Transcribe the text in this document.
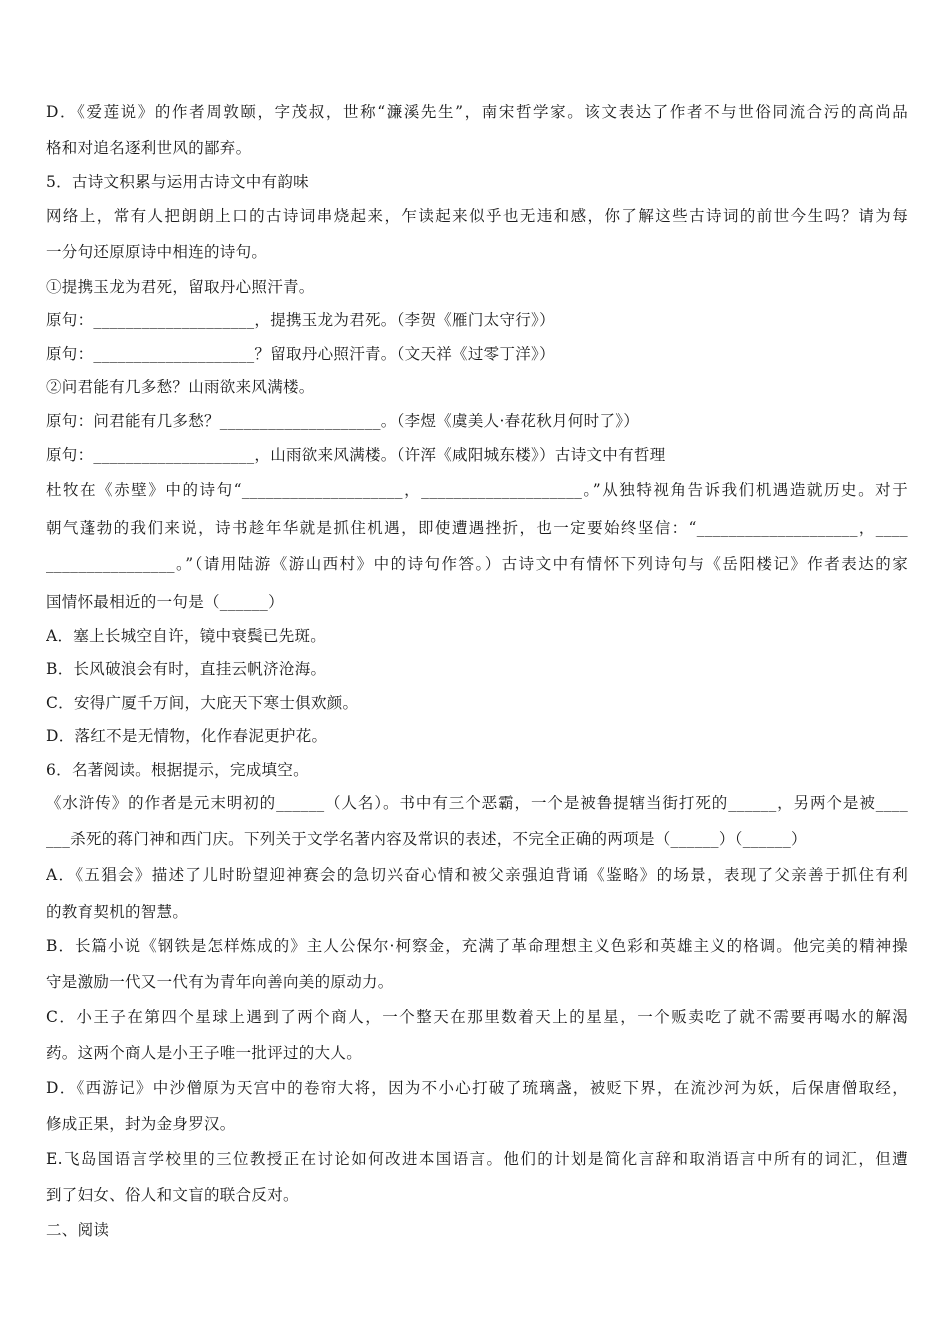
D．《爱莲说》的作者周敦颐，字茂叔，世称“濂溪先生”，南宋哲学家。该文表达了作者不与世俗同流合污的高尚品
格和对追名逐利世风的鄙弃。
5．古诗文积累与运用古诗文中有韵味
网络上，常有人把朗朗上口的古诗词串烧起来，乍读起来似乎也无违和感，你了解这些古诗词的前世今生吗？请为每
一分句还原原诗中相连的诗句。
①提携玉龙为君死，留取丹心照汗青。
原句：____________________，提携玉龙为君死。（李贺《雁门太守行》）
原句：____________________？留取丹心照汗青。（文天祥《过零丁洋》）
②问君能有几多愁？山雨欲来风满楼。
原句：问君能有几多愁？____________________。（李煜《虞美人·春花秋月何时了》）
原句：____________________，山雨欲来风满楼。（许浑《咸阳城东楼》）古诗文中有哲理
杜牧在《赤壁》中的诗句“____________________，____________________。”从独特视角告诉我们机遇造就历史。对于
朝气蓬勃的我们来说，诗书趁年华就是抓住机遇，即使遭遇挫折，也一定要始终坚信：“____________________，____
________________。”（请用陆游《游山西村》中的诗句作答。）古诗文中有情怀下列诗句与《岳阳楼记》作者表达的家
国情怀最相近的一句是（______）
A．塞上长城空自许，镜中衰鬓已先斑。
B．长风破浪会有时，直挂云帆济沧海。
C．安得广厦千万间，大庇天下寒士俱欢颜。
D．落红不是无情物，化作春泥更护花。
6．名著阅读。根据提示，完成填空。
《水浒传》的作者是元末明初的______（人名）。书中有三个恶霸，一个是被鲁提辖当街打死的______，另两个是被____
___杀死的蒋门神和西门庆。下列关于文学名著内容及常识的表述，不完全正确的两项是（______）（______）
A．《五猖会》描述了儿时盼望迎神赛会的急切兴奋心情和被父亲强迫背诵《鉴略》的场景，表现了父亲善于抓住有利
的教育契机的智慧。
B．长篇小说《钢铁是怎样炼成的》主人公保尔·柯察金，充满了革命理想主义色彩和英雄主义的格调。他完美的精神操
守是激励一代又一代有为青年向善向美的原动力。
C．小王子在第四个星球上遇到了两个商人，一个整天在那里数着天上的星星，一个贩卖吃了就不需要再喝水的解渴
药。这两个商人是小王子唯一批评过的大人。
D．《西游记》中沙僧原为天宫中的卷帘大将，因为不小心打破了琉璃盏，被贬下界，在流沙河为妖，后保唐僧取经，
修成正果，封为金身罗汉。
E.飞岛国语言学校里的三位教授正在讨论如何改进本国语言。他们的计划是简化言辞和取消语言中所有的词汇，但遭
到了妇女、俗人和文盲的联合反对。
二、阅读
